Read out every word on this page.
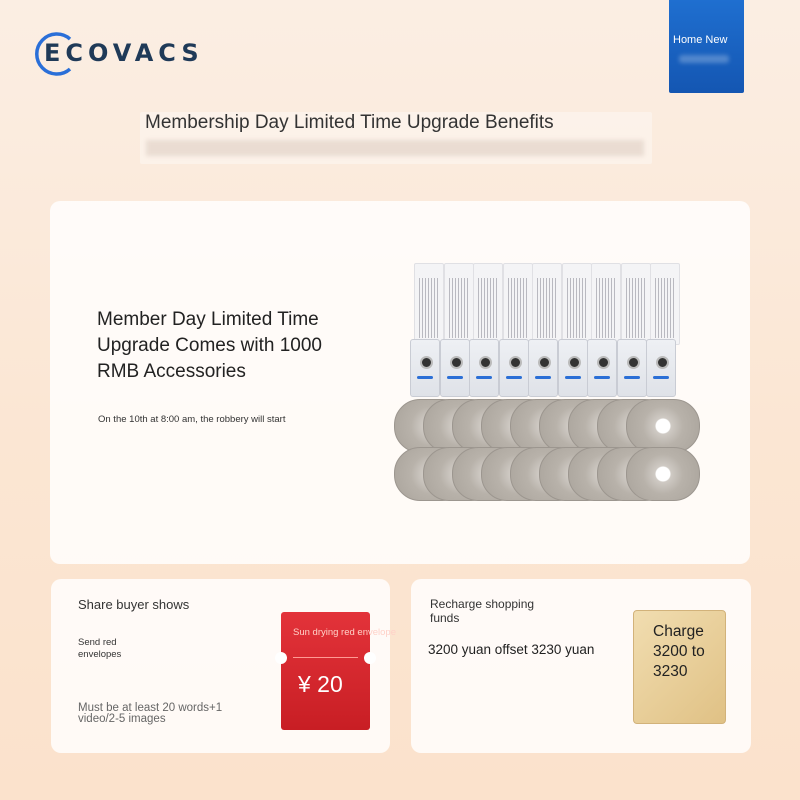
ECOVACS	Home New
Membership Day Limited Time Upgrade Benefits
Member Day Limited Time Upgrade Comes with 1000 RMB Accessories
On the 10th at 8:00 am, the robbery will start
Share buyer shows
Send red envelopes
Must be at least 20 words+1 video/2-5 images
Sun drying red envelope
¥ 20
Recharge shopping funds
3200 yuan offset 3230 yuan
Charge 3200 to 3230
